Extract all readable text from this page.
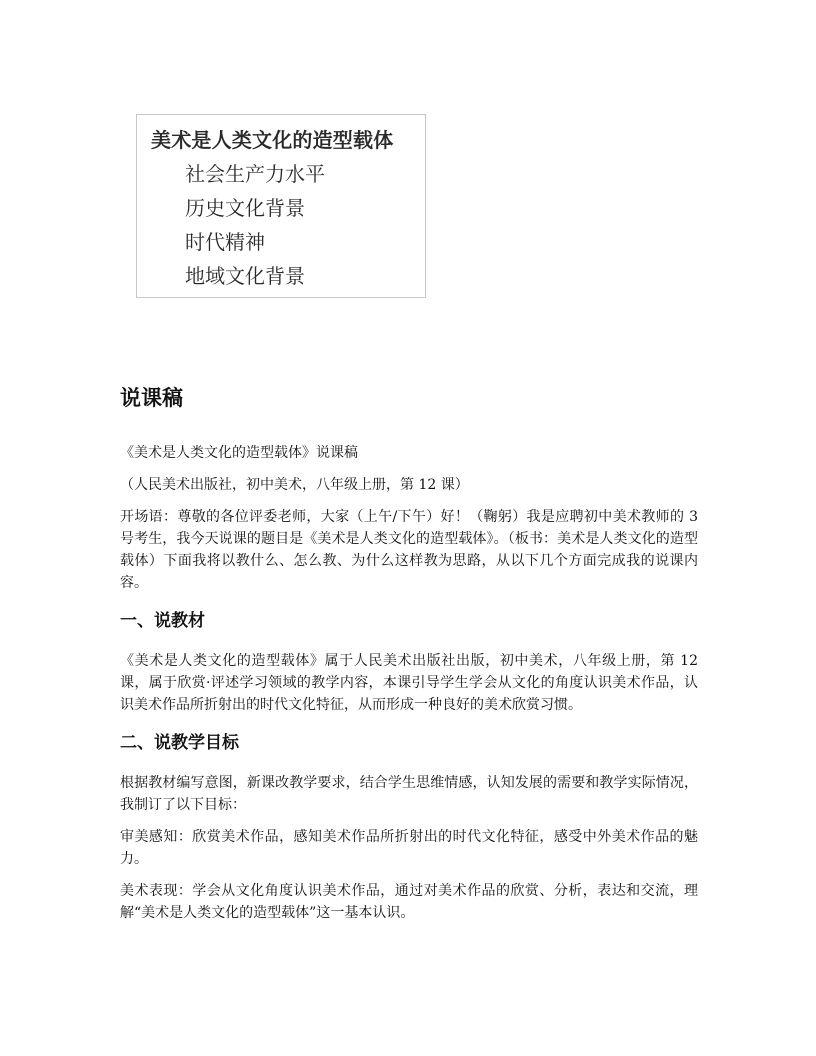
美术是人类文化的造型载体
社会生产力水平
历史文化背景
时代精神
地域文化背景
说课稿

《美术是人类文化的造型载体》说课稿

（人民美术出版社，初中美术，八年级上册，第 12 课）

开场语：尊敬的各位评委老师，大家（上午/下午）好！（鞠躬）我是应聘初中美术教师的 3 号考生，我今天说课的题目是《美术是人类文化的造型载体》。（板书：美术是人类文化的造型载体）下面我将以教什么、怎么教、为什么这样教为思路，从以下几个方面完成我的说课内容。

一、说教材

《美术是人类文化的造型载体》属于人民美术出版社出版，初中美术，八年级上册，第 12 课，属于欣赏·评述学习领域的教学内容，本课引导学生学会从文化的角度认识美术作品，认识美术作品所折射出的时代文化特征，从而形成一种良好的美术欣赏习惯。

二、说教学目标

根据教材编写意图，新课改教学要求，结合学生思维情感，认知发展的需要和教学实际情况，我制订了以下目标：

审美感知：欣赏美术作品，感知美术作品所折射出的时代文化特征，感受中外美术作品的魅力。

美术表现：学会从文化角度认识美术作品，通过对美术作品的欣赏、分析，表达和交流，理解“美术是人类文化的造型载体”这一基本认识。
